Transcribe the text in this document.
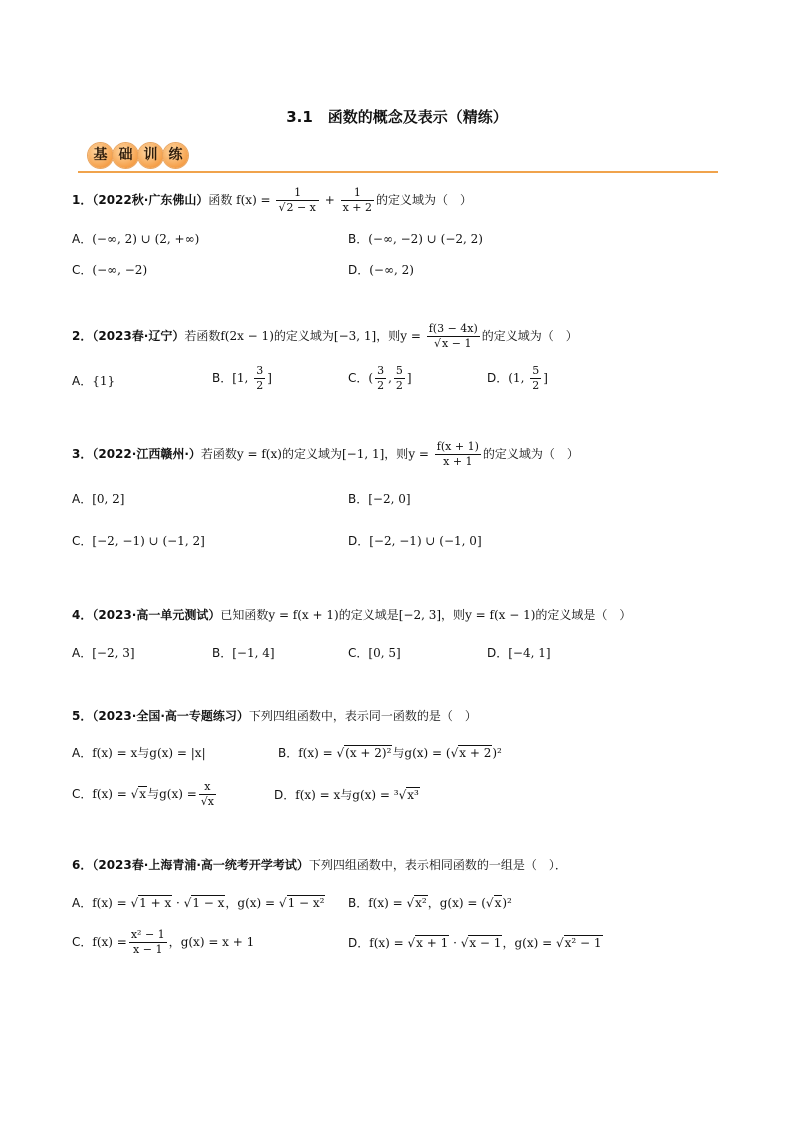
3.1　函数的概念及表示（精练）
基 础 训 练
1．（2022秋·广东佛山）函数 $f(x) = \frac{1}{√2 - x} + \frac{1}{x + 2}$ 的定义域为（　）
A．(−∞, 2) ∪ (2, +∞)	B．(−∞, −2) ∪ (−2, 2)
C．(−∞, −2)	D．(−∞, 2)
2．（2023春·辽宁）若函数f(2x − 1)的定义域为[−3, 1]，则$y = \frac{f(3 - 4x)}{√x - 1}$ 的定义域为（　）
A．{1}	B．[1, $\frac{3}{2}$ ]	C．( $\frac{3}{2}$ , $\frac{5}{2}$ ]	D．(1, $\frac{5}{2}$ ]
3．（2022·江西赣州·）若函数y = f(x)的定义域为[−1, 1]，则$y = \frac{f(x + 1)}{x + 1}$ 的定义域为（　）
A．[0, 2]	B．[−2, 0]
C．[−2, −1) ∪ (−1, 2]	D．[−2, −1) ∪ (−1, 0]
4．（2023·高一单元测试）已知函数y = f(x + 1)的定义域是[−2, 3]，则y = f(x − 1)的定义域是（　）
A．[−2, 3]	B．[−1, 4]	C．[0, 5]	D．[−4, 1]
5．（2023·全国·高一专题练习）下列四组函数中，表示同一函数的是（　）
A．f(x) = x与g(x) = |x|	B．f(x) = √(x + 2)²与g(x) = (√x + 2)²
C．f(x) = √x与$g(x) = \frac{x}{√x}$	D．f(x) = x与g(x) = ³√x³
6．（2023春·上海青浦·高一统考开学考试）下列四组函数中，表示相同函数的一组是（　）．
A．f(x) = √1 + x · √1 − x，g(x) = √1 − x² B．f(x) = √x²，g(x) = (√x)²
C．$f(x) = \frac{\text{x² − 1}}{x - 1}$ ，g(x) = x + 1	D．f(x) = √x + 1 · √x − 1，g(x) = √x² − 1
